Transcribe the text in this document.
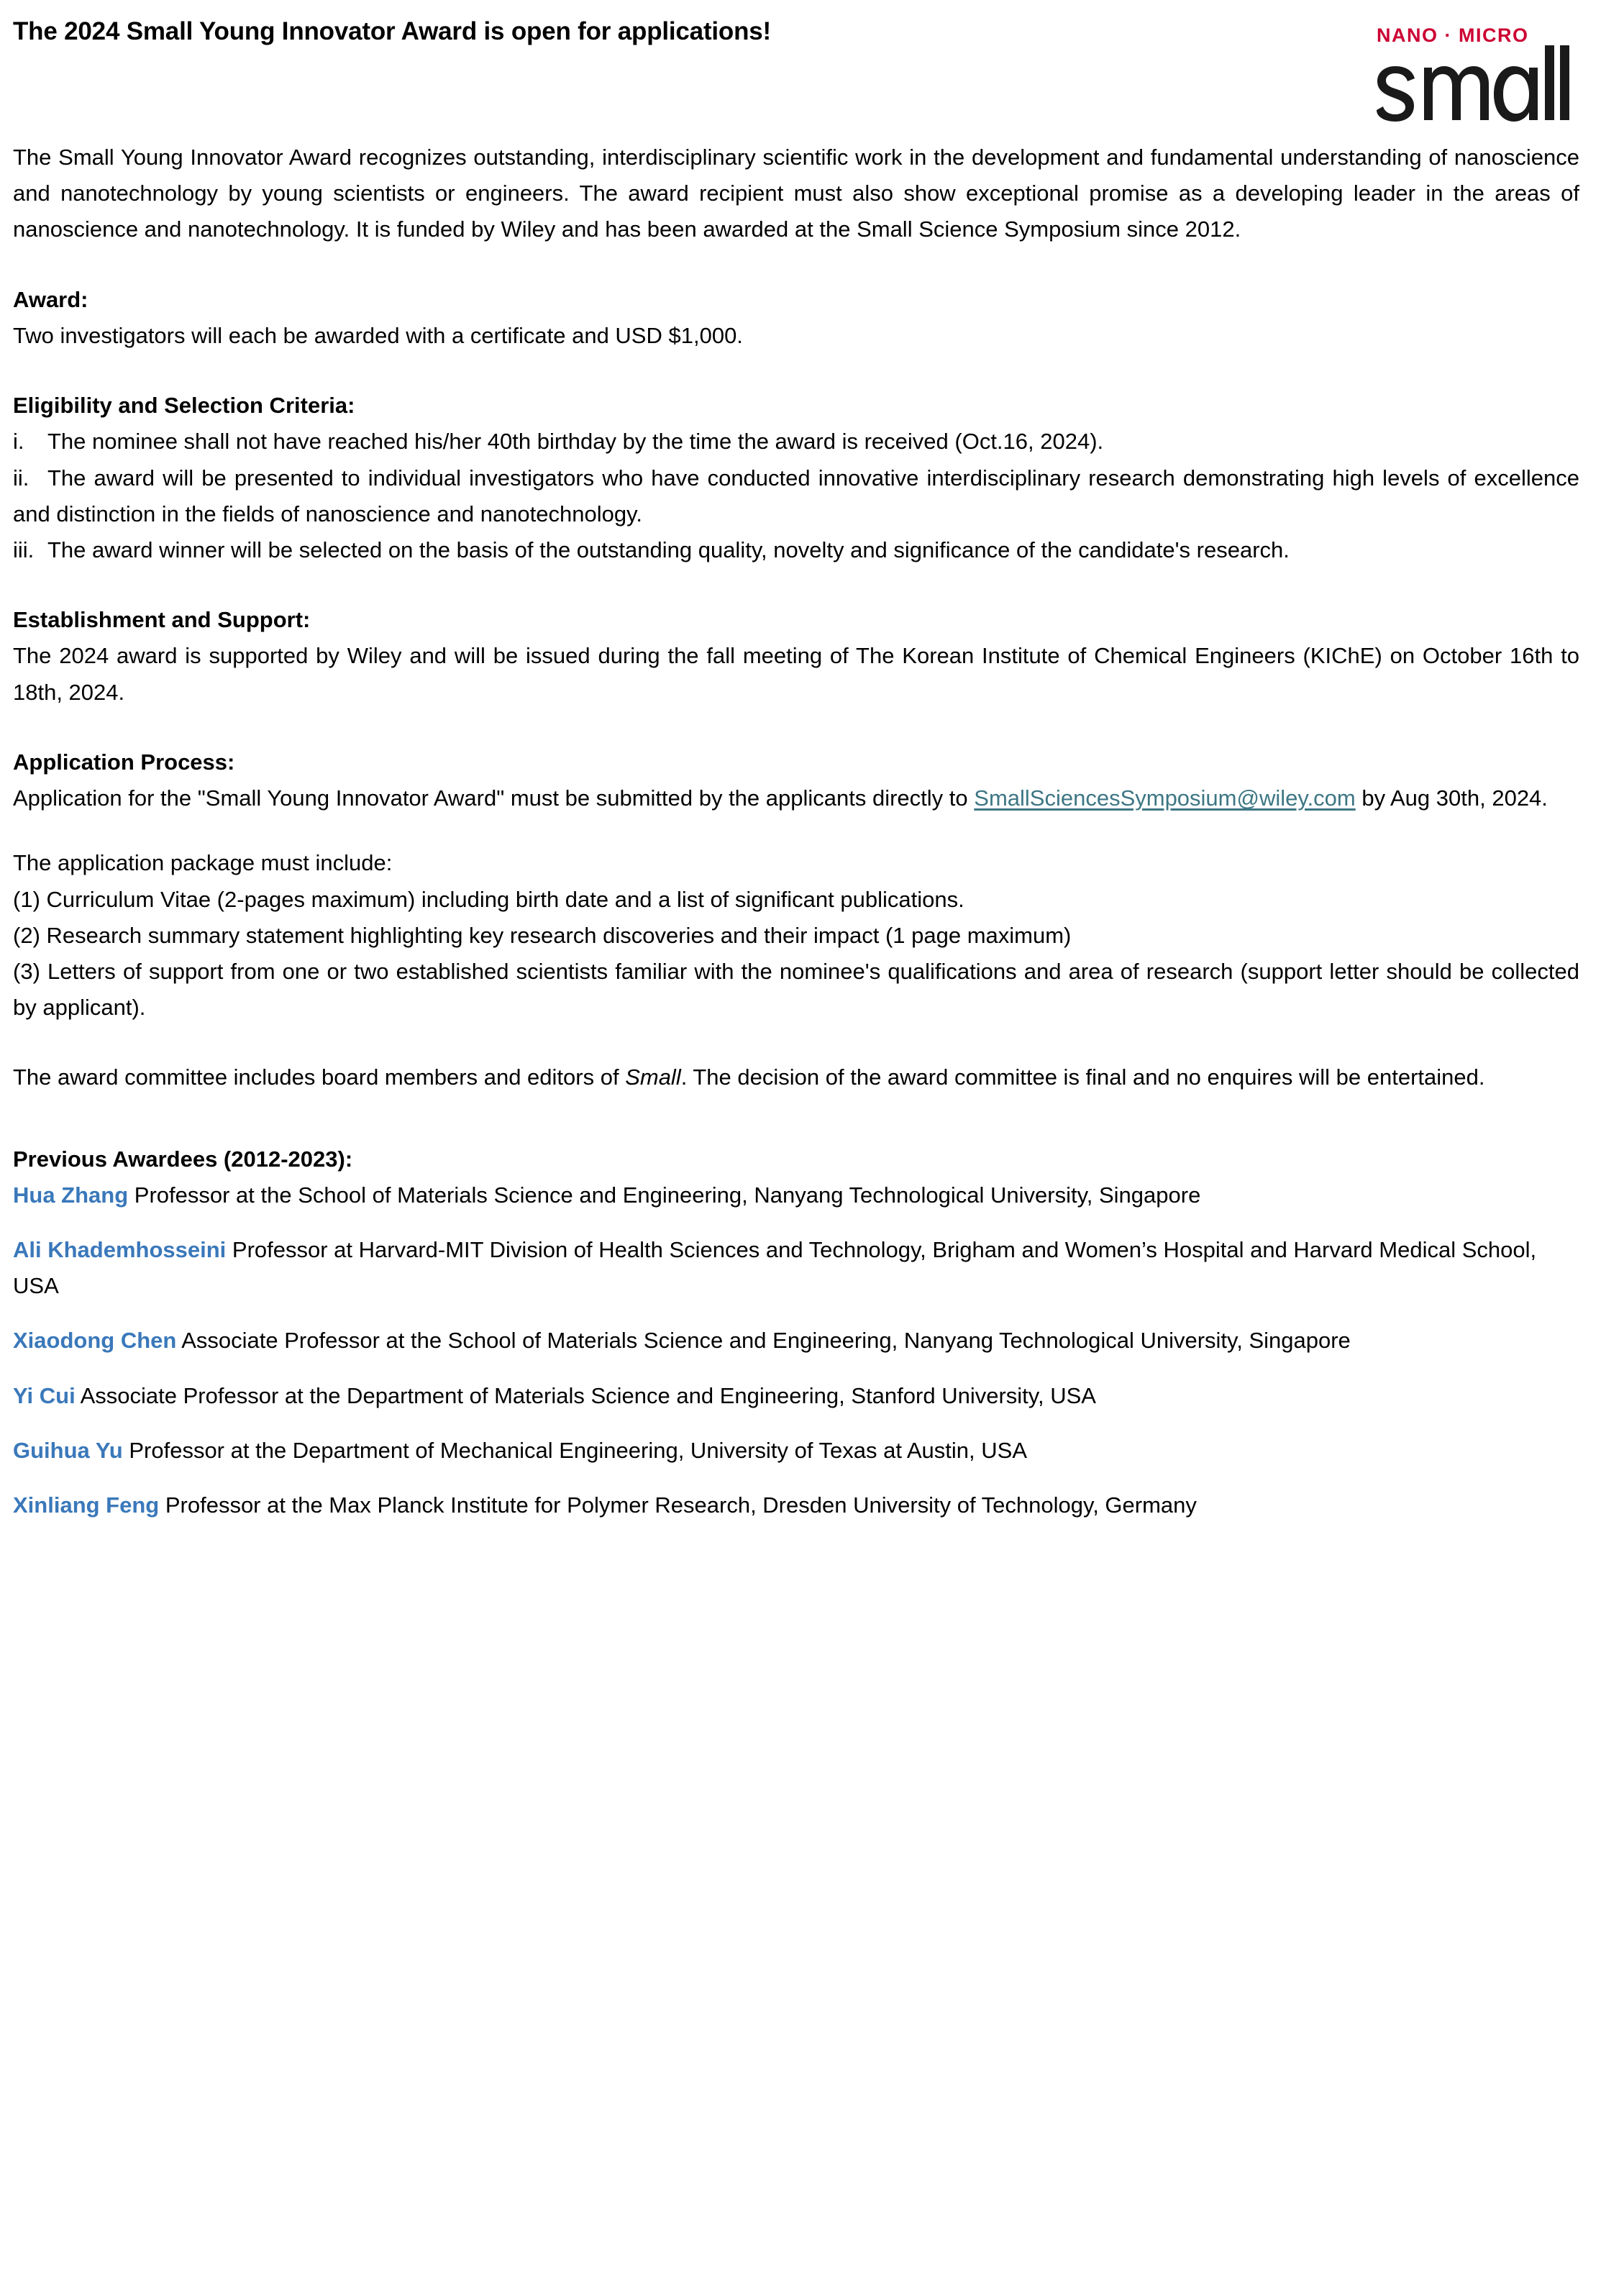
The 2024 Small Young Innovator Award is open for applications!	NANO · MICRO

The Small Young Innovator Award recognizes outstanding, interdisciplinary scientific work in the development and fundamental understanding of nanoscience and nanotechnology by young scientists or engineers. The award recipient must also show exceptional promise as a developing leader in the areas of nanoscience and nanotechnology. It is funded by Wiley and has been awarded at the Small Science Symposium since 2012.

Award:

Two investigators will each be awarded with a certificate and USD $1,000.

Eligibility and Selection Criteria:

i. The nominee shall not have reached his/her 40th birthday by the time the award is received (Oct.16, 2024).

ii. The award will be presented to individual investigators who have conducted innovative interdisciplinary research demonstrating high levels of excellence and distinction in the fields of nanoscience and nanotechnology.

iii. The award winner will be selected on the basis of the outstanding quality, novelty and significance of the candidate's research.

Establishment and Support:

The 2024 award is supported by Wiley and will be issued during the fall meeting of The Korean Institute of Chemical Engineers (KIChE) on October 16th to 18th, 2024.

Application Process:

Application for the "Small Young Innovator Award" must be submitted by the applicants directly to SmallSciencesSymposium@wiley.com by Aug 30th, 2024.

The application package must include:

(1) Curriculum Vitae (2-pages maximum) including birth date and a list of significant publications.

(2) Research summary statement highlighting key research discoveries and their impact (1 page maximum)

(3) Letters of support from one or two established scientists familiar with the nominee's qualifications and area of research (support letter should be collected by applicant).

The award committee includes board members and editors of Small. The decision of the award committee is final and no enquires will be entertained.

Previous Awardees (2012-2023):

Hua Zhang Professor at the School of Materials Science and Engineering, Nanyang Technological University, Singapore

Ali Khademhosseini Professor at Harvard-MIT Division of Health Sciences and Technology, Brigham and Women’s Hospital and Harvard Medical School, USA

Xiaodong Chen Associate Professor at the School of Materials Science and Engineering, Nanyang Technological University, Singapore

Yi Cui Associate Professor at the Department of Materials Science and Engineering, Stanford University, USA

Guihua Yu Professor at the Department of Mechanical Engineering, University of Texas at Austin, USA

Xinliang Feng Professor at the Max Planck Institute for Polymer Research, Dresden University of Technology, Germany
